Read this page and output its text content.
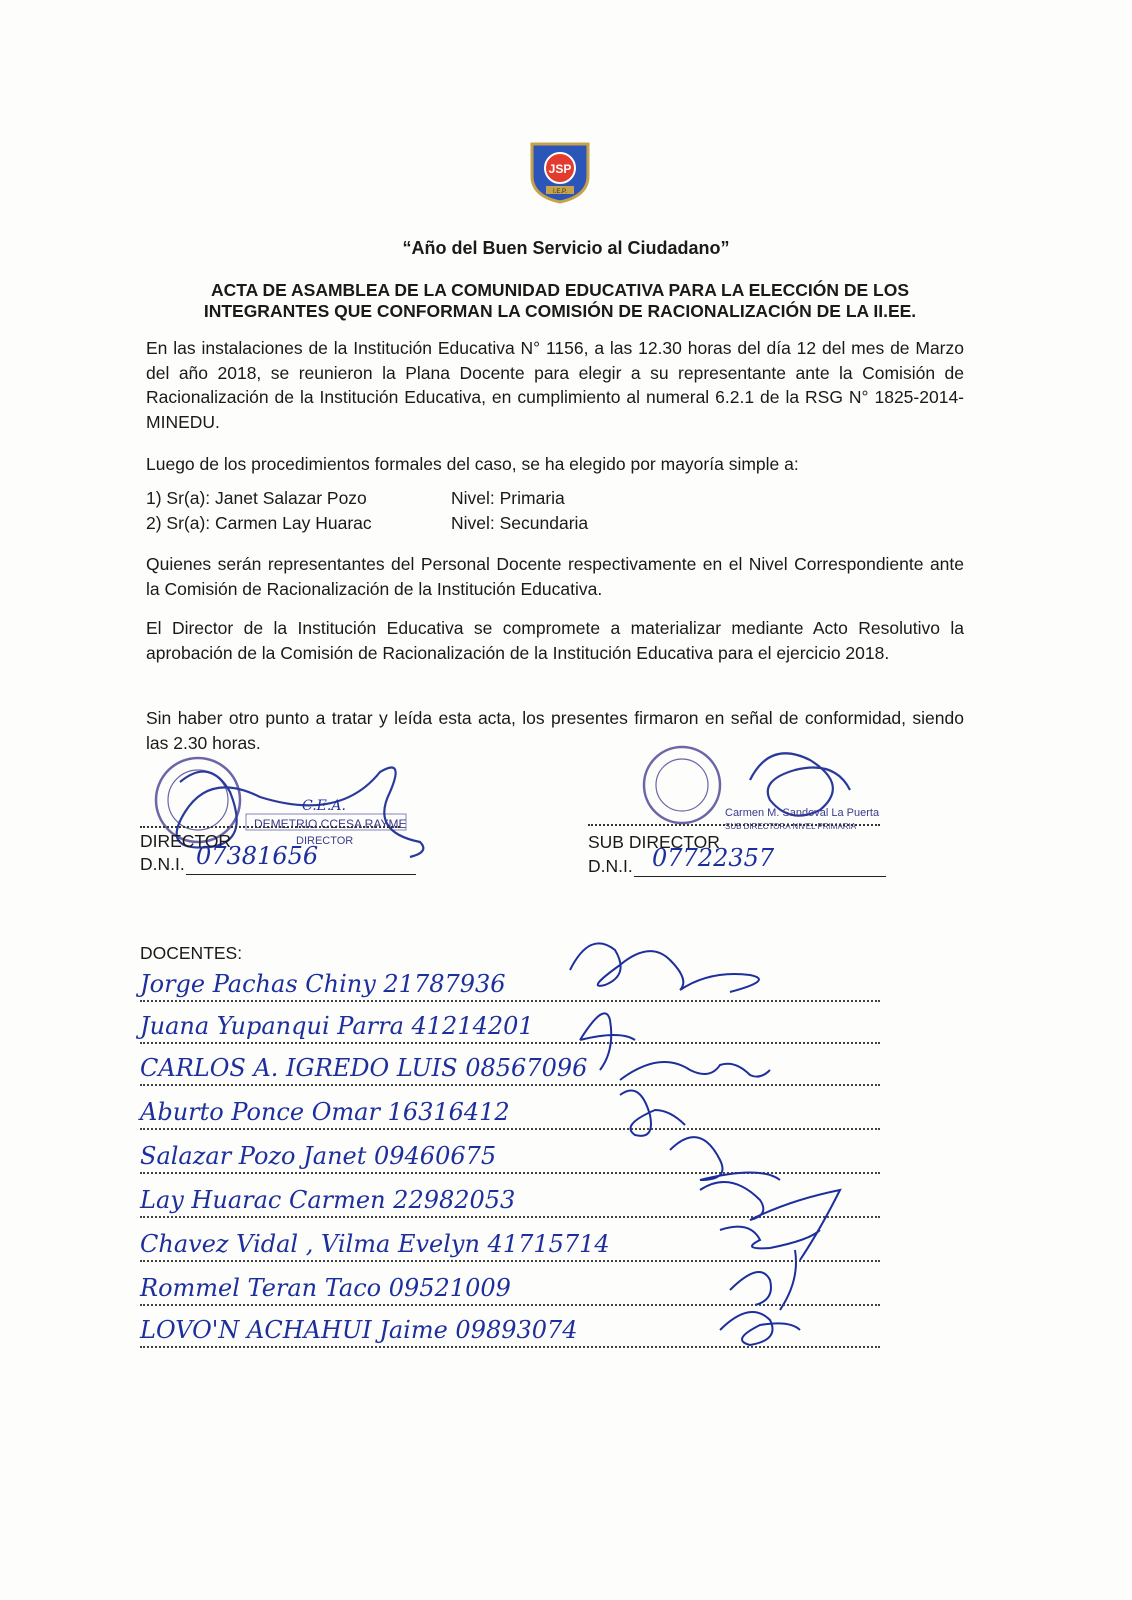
JSP
I.E.P.
“Año del Buen Servicio al Ciudadano”
ACTA DE ASAMBLEA DE LA COMUNIDAD EDUCATIVA PARA LA ELECCIÓN DE LOS
INTEGRANTES QUE CONFORMAN LA COMISIÓN DE RACIONALIZACIÓN DE LA II.EE.
En las instalaciones de la Institución Educativa N° 1156, a las 12.30 horas del día 12 del mes de Marzo del año 2018, se reunieron la Plana Docente para elegir a su representante ante la Comisión de Racionalización de la Institución Educativa, en cumplimiento al numeral 6.2.1 de la RSG N° 1825-2014-MINEDU.
Luego de los procedimientos formales del caso, se ha elegido por mayoría simple a:
1) Sr(a): Janet Salazar Pozo	Nivel: Primaria
2) Sr(a): Carmen Lay Huarac	Nivel: Secundaria
Quienes serán representantes del Personal Docente respectivamente en el Nivel Correspondiente ante la Comisión de Racionalización de la Institución Educativa.
El Director de la Institución Educativa se compromete a materializar mediante Acto Resolutivo la aprobación de la Comisión de Racionalización de la Institución Educativa para el ejercicio 2018.
Sin haber otro punto a tratar y leída esta acta, los presentes firmaron en señal de conformidad, siendo las 2.30 horas.
DEMETRIO CCESA RAYME
DIRECTOR
C.E.A.
DIRECTOR
D.N.I. 07381656
Carmen M. Sandoval La Puerta
SUB DIRECTORA NIVEL PRIMARIA
SUB DIRECTOR
D.N.I. 07722357
DOCENTES:
Jorge Pachas Chiny 21787936
Juana Yupanqui Parra 41214201
CARLOS A. IGREDO LUIS 08567096
Aburto Ponce Omar 16316412
Salazar Pozo Janet 09460675
Lay Huarac Carmen 22982053
Chavez Vidal , Vilma Evelyn 41715714
Rommel Teran Taco 09521009
LOVO'N ACHAHUI Jaime 09893074
